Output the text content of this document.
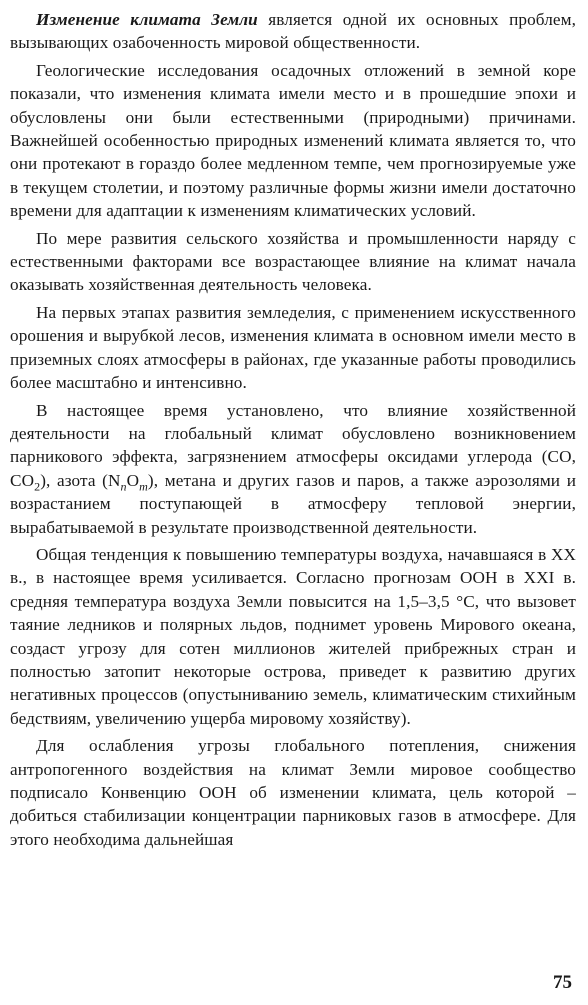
Изменение климата Земли является одной их основных проблем, вызывающих озабоченность мировой общественности.

Геологические исследования осадочных отложений в земной коре показали, что изменения климата имели место и в прошедшие эпохи и обусловлены они были естественными (природными) причинами. Важнейшей особенностью природных изменений климата является то, что они протекают в гораздо более медленном темпе, чем прогнозируемые уже в текущем столетии, и поэтому различные формы жизни имели достаточно времени для адаптации к изменениям климатических условий.

По мере развития сельского хозяйства и промышленности наряду с естественными факторами все возрастающее влияние на климат начала оказывать хозяйственная деятельность человека.

На первых этапах развития земледелия, с применением искусственного орошения и вырубкой лесов, изменения климата в основном имели место в приземных слоях атмосферы в районах, где указанные работы проводились более масштабно и интенсивно.

В настоящее время установлено, что влияние хозяйственной деятельности на глобальный климат обусловлено возникновением парникового эффекта, загрязнением атмосферы оксидами углерода (CO, $CO_2$), азота $(N_nO_m)$, метана и других газов и паров, а также аэрозолями и возрастанием поступающей в атмосферу тепловой энергии, вырабатываемой в результате производственной деятельности.

Общая тенденция к повышению температуры воздуха, начавшаяся в XX в., в настоящее время усиливается. Согласно прогнозам ООН в XXI в. средняя температура воздуха Земли повысится на 1,5–3,5 °С, что вызовет таяние ледников и полярных льдов, поднимет уровень Мирового океана, создаст угрозу для сотен миллионов жителей прибрежных стран и полностью затопит некоторые острова, приведет к развитию других негативных процессов (опустыниванию земель, климатическим стихийным бедствиям, увеличению ущерба мировому хозяйству).

Для ослабления угрозы глобального потепления, снижения антропогенного воздействия на климат Земли мировое сообщество подписало Конвенцию ООН об изменении климата, цель которой – добиться стабилизации концентрации парниковых газов в атмосфере. Для этого необходима дальнейшая

75
